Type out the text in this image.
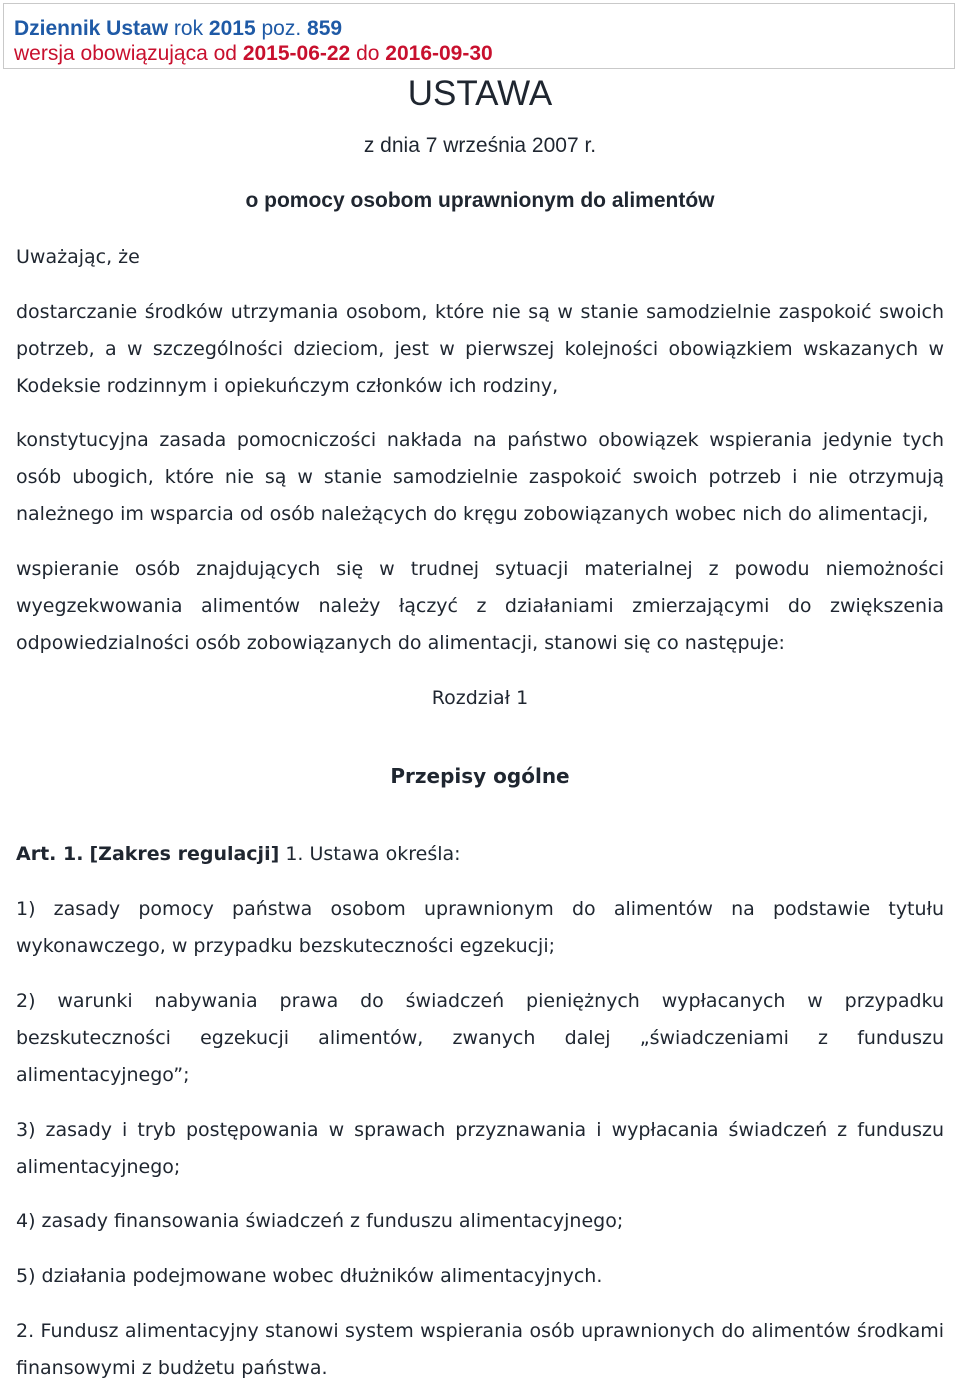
Dziennik Ustaw rok 2015 poz. 859
wersja obowiązująca od 2015-06-22 do 2016-09-30
USTAWA
z dnia 7 września 2007 r.
o pomocy osobom uprawnionym do alimentów
Uważając, że
dostarczanie środków utrzymania osobom, które nie są w stanie samodzielnie zaspokoić swoich potrzeb, a w szczególności dzieciom, jest w pierwszej kolejności obowiązkiem wskazanych w Kodeksie rodzinnym i opiekuńczym członków ich rodziny,
konstytucyjna zasada pomocniczości nakłada na państwo obowiązek wspierania jedynie tych osób ubogich, które nie są w stanie samodzielnie zaspokoić swoich potrzeb i nie otrzymują należnego im wsparcia od osób należących do kręgu zobowiązanych wobec nich do alimentacji,
wspieranie osób znajdujących się w trudnej sytuacji materialnej z powodu niemożności wyegzekwowania alimentów należy łączyć z działaniami zmierzającymi do zwiększenia odpowiedzialności osób zobowiązanych do alimentacji, stanowi się co następuje:
Rozdział 1
Przepisy ogólne
Art. 1. [Zakres regulacji] 1. Ustawa określa:
1) zasady pomocy państwa osobom uprawnionym do alimentów na podstawie tytułu wykonawczego, w przypadku bezskuteczności egzekucji;
2) warunki nabywania prawa do świadczeń pieniężnych wypłacanych w przypadku bezskuteczności egzekucji alimentów, zwanych dalej „świadczeniami z funduszu alimentacyjnego”;
3) zasady i tryb postępowania w sprawach przyznawania i wypłacania świadczeń z funduszu alimentacyjnego;
4) zasady finansowania świadczeń z funduszu alimentacyjnego;
5) działania podejmowane wobec dłużników alimentacyjnych.
2. Fundusz alimentacyjny stanowi system wspierania osób uprawnionych do alimentów środkami finansowymi z budżetu państwa.
